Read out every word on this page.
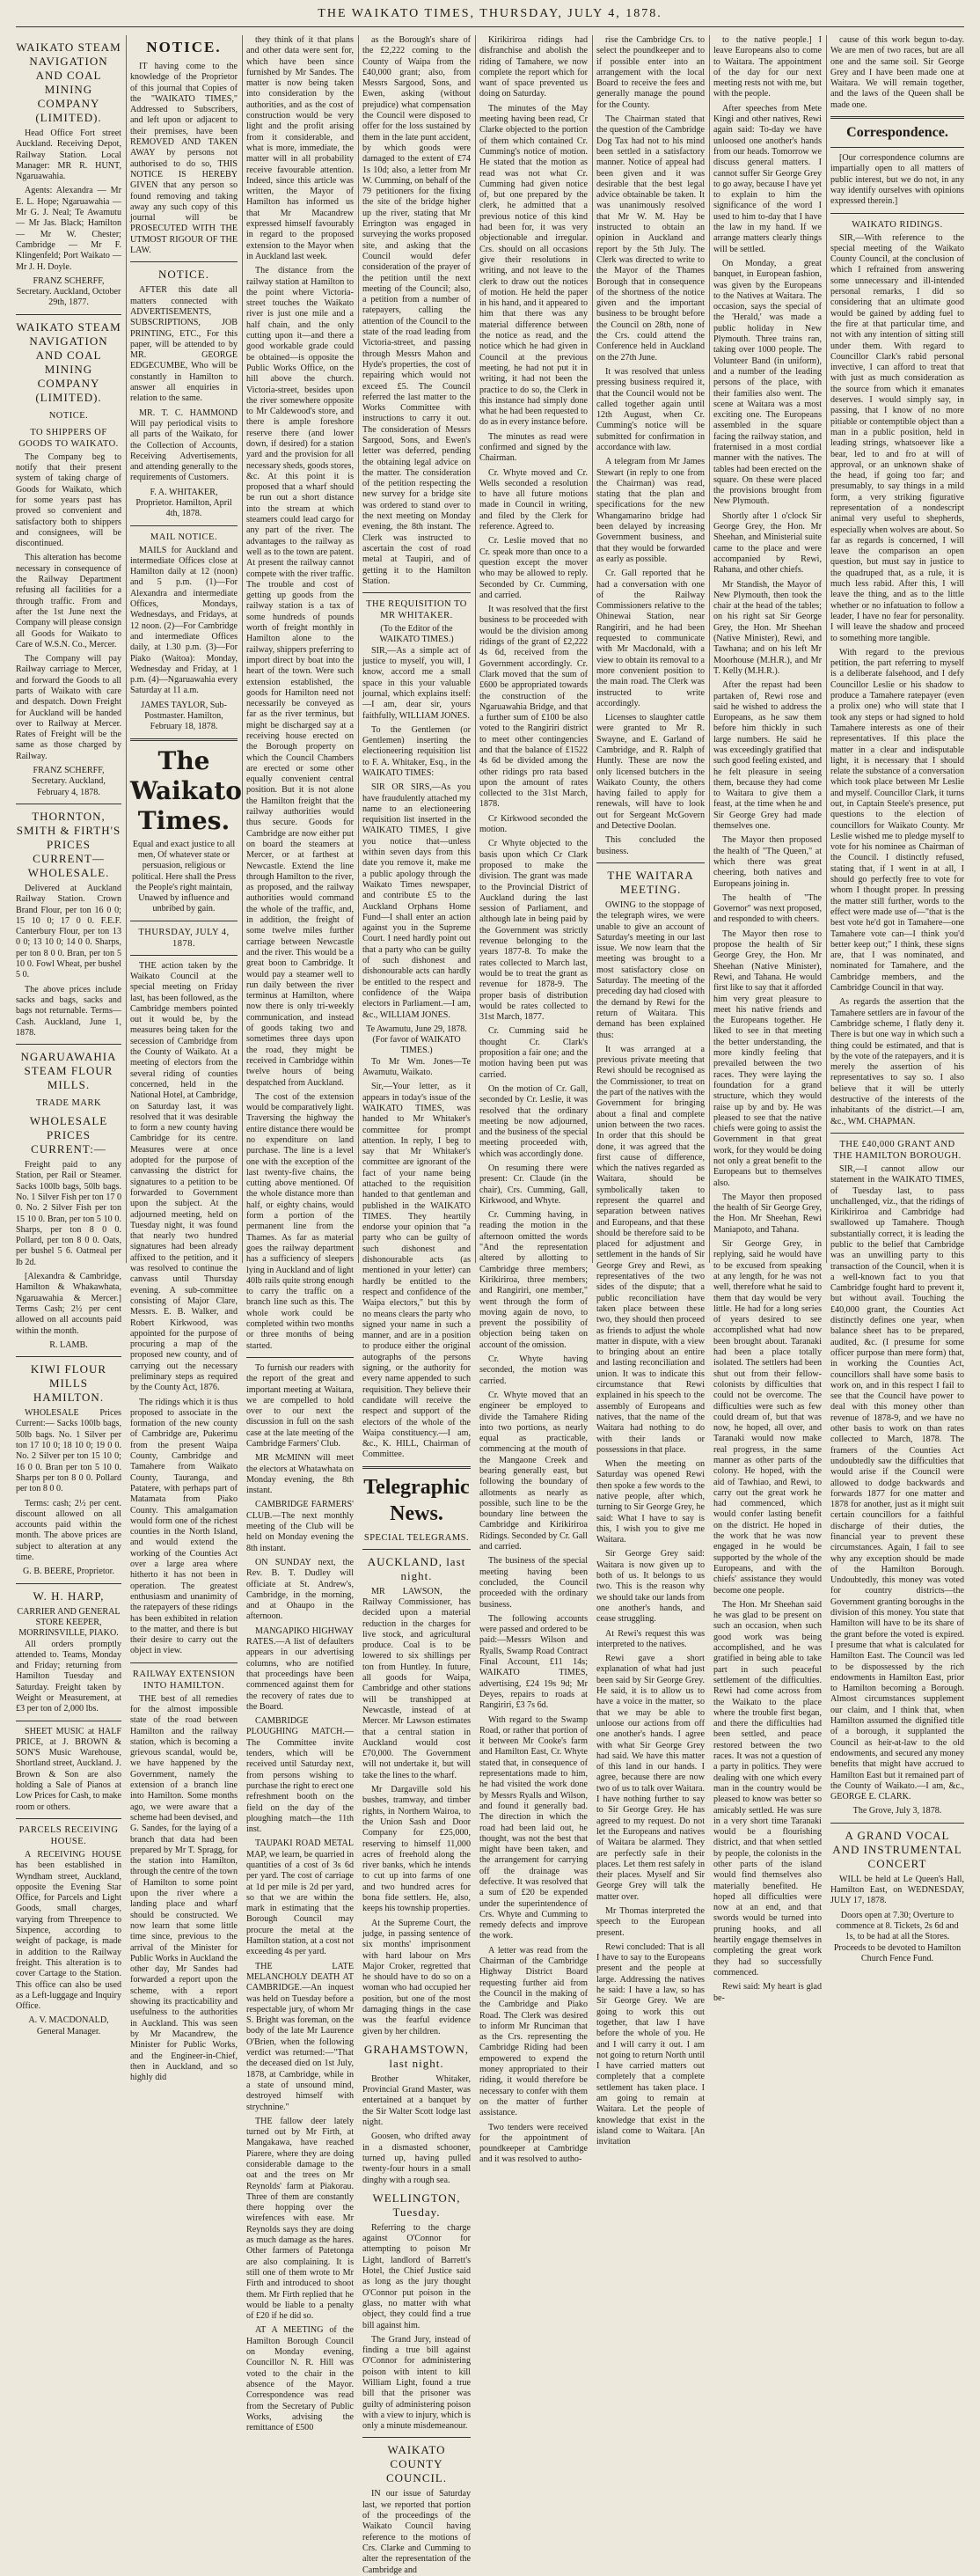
THE WAIKATO TIMES, THURSDAY, JULY 4, 1878.
WAIKATO STEAM NAVIGATION AND COAL MINING COMPANY (LIMITED).

Head Office Fort street Auckland. Receiving Depot, Railway Station. Local Manager: MR R. HUNT, Ngaruawahia.

Agents: Alexandra — Mr E. L. Hope; Ngaruawahia — Mr G. J. Neal; Te Awamutu — Mr Jas. Black; Hamilton — Mr W. Chester; Cambridge — Mr F. Klingenfeld; Port Waikato — Mr J. H. Doyle.

FRANZ SCHERFF, Secretary. Auckland, October 29th, 1877.
WAIKATO STEAM NAVIGATION AND COAL MINING COMPANY (LIMITED).
NOTICE.
TO SHIPPERS OF GOODS TO WAIKATO.

The Company beg to notify that their present system of taking charge of Goods for Waikato, which for some years past has proved so convenient and satisfactory both to shippers and consignees, will be discontinued.

This alteration has become necessary in consequence of the Railway Department refusing all facilities for a through traffic. From and after the 1st June next the Company will please consign all Goods for Waikato to Care of W.S.N. Co., Mercer.

The Company will pay Railway carriage to Mercer, and forward the Goods to all parts of Waikato with care and despatch. Down Freight for Auckland will be handed over to Railway at Mercer. Rates of Freight will be the same as those charged by Railway.

FRANZ SCHERFF, Secretary. Auckland, February 4, 1878.
THORNTON, SMITH & FIRTH'S PRICES CURRENT—WHOLESALE.

Delivered at Auckland Railway Station. Crown Brand Flour, per ton 16 0 0; 15 10 0; 17 0 0. F.E.F. Canterbury Flour, per ton 13 0 0; 13 10 0; 14 0 0. Sharps, per ton 8 0 0. Bran, per ton 5 10 0. Fowl Wheat, per bushel 5 0.

The above prices include sacks and bags, sacks and bags not returnable. Terms—Cash. Auckland, June 1, 1878.

NGARUAWAHIA STEAM FLOUR MILLS.
TRADE MARK
WHOLESALE PRICES CURRENT:—

Freight paid to any Station, per Rail or Steamer. Sacks 100lb bags, 50lb bags. No. 1 Silver Fish per ton 17 0 0. No. 2 Silver Fish per ton 15 10 0. Bran, per ton 5 10 0. Sharps, per ton 8 0 0. Pollard, per ton 8 0 0. Oats, per bushel 5 6. Oatmeal per lb 2d.

[Alexandra & Cambridge, Hamilton & Whakawhata, Ngaruawahia & Mercer.] Terms Cash; 2½ per cent allowed on all accounts paid within the month.

R. LAMB.
KIWI FLOUR MILLS HAMILTON.

WHOLESALE Prices Current:— Sacks 100lb bags, 50lb bags. No. 1 Silver per ton 17 10 0; 18 10 0; 19 0 0. No. 2 Silver per ton 15 10 0; 16 0 0. Bran per ton 5 10 0. Sharps per ton 8 0 0. Pollard per ton 8 0 0.

Terms: cash; 2½ per cent. discount allowed on all accounts paid within the month. The above prices are subject to alteration at any time.

G. B. BEERE, Proprietor.
W. H. HARP,
CARRIER AND GENERAL STORE KEEPER, MORRINSVILLE, PIAKO.

All orders promptly attended to. Teams, Monday and Friday; returning from Hamilton Tuesday and Saturday. Freight taken by Weight or Measurement, at £3 per ton of 2,000 lbs.

SHEET MUSIC at HALF PRICE, at J. BROWN & SON'S Music Warehouse, Shortland street, Auckland. J. Brown & Son are also holding a Sale of Pianos at Low Prices for Cash, to make room or others.

PARCELS RECEIVING HOUSE.

A RECEIVING HOUSE has been established in Wyndham street, Auckland, opposite the Evening Star Office, for Parcels and Light Goods, small charges, varying from Threepence to Sixpence, according to weight of package, is made in addition to the Railway freight. This alteration is to cover Cartage to the Station. This office can also be used as a Left-luggage and Inquiry Office.

A. V. MACDONALD, General Manager.
NOTICE.

IT having come to the knowledge of the Proprietor of this journal that Copies of the "WAIKATO TIMES," Addressed to Subscribers, and left upon or adjacent to their premises, have been REMOVED AND TAKEN AWAY by persons not authorised to do so, THIS NOTICE IS HEREBY GIVEN that any person so found removing and taking away any such copy of this journal will be PROSECUTED WITH THE UTMOST RIGOUR OF THE LAW.

NOTICE.

AFTER this date all matters connected with ADVERTISEMENTS, SUBSCRIPTIONS, JOB PRINTING, ETC., For this paper, will be attended to by MR. GEORGE EDGECUMBE, Who will be constantly in Hamilton to answer all enquiries in relation to the same.

MR. T. C. HAMMOND Will pay periodical visits to all parts of the Waikato, for the Collection of Accounts, Receiving Advertisements, and attending generally to the requirements of Customers.

F. A. WHITAKER, Proprietor. Hamilton, April 4th, 1878.
MAIL NOTICE.

MAILS for Auckland and intermediate Offices close at Hamilton daily at 12 (noon) and 5 p.m. (1)—For Alexandra and intermediate Offices, Mondays, Wednesdays, and Fridays, at 12 noon. (2)—For Cambridge and intermediate Offices daily, at 1.30 p.m. (3)—For Piako (Waitoa): Monday, Wednesday and Friday, at 1 p.m. (4)—Ngaruawahia every Saturday at 11 a.m.

JAMES TAYLOR, Sub-Postmaster. Hamilton, February 18, 1878.
The Waikato Times.
Equal and exact justice to all men, Of whatever state or persuasion, religious or political. Here shall the Press the People's right maintain, Unawed by influence and unbribed by gain.
THURSDAY, JULY 4, 1878.

THE action taken by the Waikato Council at the special meeting on Friday last, has been followed, as the Cambridge members pointed out it would be, by the measures being taken for the secession of Cambridge from the County of Waikato. At a meeting of electors from the several riding of counties concerned, held in the National Hotel, at Cambridge, on Saturday last, it was resolved that it was desirable to form a new county having Cambridge for its centre. Measures were at once adopted for the purpose of canvassing the district for signatures to a petition to be forwarded to Government upon the subject. At the adjourned meeting, held on Tuesday night, it was found that nearly two hundred signatures had been already affixed to the petition, and it was resolved to continue the canvass until Thursday evening. A sub-committee consisting of Major Clare, Messrs. E. B. Walker, and Robert Kirkwood, was appointed for the purpose of procuring a map of the proposed new county, and of carrying out the necessary preliminary steps as required by the County Act, 1876.

The ridings which it is thus proposed to associate in the formation of the new county of Cambridge are, Pukerimu from the present Waipa County, Cambridge and Tamahere from Waikato County, Tauranga, and Patatere, with perhaps part of Matamata from Piako County. This amalgamation would form one of the richest counties in the North Island, and would extend the working of the Counties Act over a large area where hitherto it has not been in operation. The greatest enthusiasm and unanimity of the ratepayers of these ridings has been exhibited in relation to the matter, and there is but their desire to carry out the object in view.

RAILWAY EXTENSION INTO HAMILTON.

THE best of all remedies for the almost impossible state of the road between Hamilton and the railway station, which is becoming a grievous scandal, would be, we have happened by the Government, namely the extension of a branch line into Hamilton. Some months ago, we were aware that a scheme had been devised, and G. Sandes, for the laying of a branch that data had been prepared by Mr T. Spragg, for the station into Hamilton, through the centre of the town of Hamilton to some point upon the river where a landing place and wharf should be constructed. We now learn that some little time since, previous to the arrival of the Minister for Public Works in Auckland the other day, Mr Sandes had forwarded a report upon the scheme, with a report showing its practicability and usefulness to the authorities in Auckland. This was seen by Mr Macandrew, the Minister for Public Works, and the Engineer-in-Chief, then in Auckland, and so highly did

they think of it that plans and other data were sent for, which have been since furnished by Mr Sandes. The matter is now being taken into consideration by the authorities, and as the cost of construction would be very light and the profit arising from it considerable, and what is more, immediate, the matter will in all probability receive favourable attention. Indeed, since this article was written, the Mayor of Hamilton has informed us that Mr Macandrew expressed himself favourably in regard to the proposed extension to the Mayor when in Auckland last week.

The distance from the railway station at Hamilton to the point where Victoria-street touches the Waikato river is just one mile and a half chain, and the only cutting upon it—and there a good workable grade could be obtained—is opposite the Public Works Office, on the hill above the church. Victoria-street, besides upon the river somewhere opposite to Mr Caldewood's store, and there is ample foreshore reserve there (and lower down, if desired) for a station yard and the provision for all necessary sheds, goods stores, &c. At this point it is proposed that a wharf should be run out a short distance into the stream at which steamers could lead cargo for any part of the river. The advantages to the railway as well as to the town are patent. At present the railway cannot compete with the river traffic. The trouble and cost of getting up goods from the railway station is a tax of some hundreds of pounds worth of freight monthly in Hamilton alone to the railway, shippers preferring to import direct by boat into the heart of the town. Were such extension established, the goods for Hamilton need not necessarily be conveyed as far as the river terminus, but might be discharged say at a receiving house erected on the Borough property on which the Council Chambers are erected or some other equally convenient central position. But it is not alone the Hamilton freight that the railway authorities would thus secure. Goods for Cambridge are now either put on board the steamers at Mercer, or at farthest at Newcastle. Extend the line through Hamilton to the river, as proposed, and the railway authorities would command the whole of the traffic, and, in addition, the freight of some twelve miles further carriage between Newcastle and the river. This would be a great boon to Cambridge. It would pay a steamer well to run daily between the river terminus at Hamilton, where now there is only tri-weekly communication, and instead of goods taking two and sometimes three days upon the road, they might be received in Cambridge within twelve hours of being despatched from Auckland.

The cost of the extension would be comparatively light. Traversing the highway the entire distance there would be no expenditure on land purchase. The line is a level one with the exception of the last twenty-five chains, the cutting above mentioned. Of the whole distance more than half, or eighty chains, would form a portion of the permanent line from the Thames. As far as material goes the railway department has a sufficiency of sleepers lying in Auckland and of light 40lb rails quite strong enough to carry the traffic on a branch line such as this. The whole work could be completed within two months or three months of being started.

To furnish our readers with the report of the great and important meeting at Waitara, we are compelled to hold over to our next the discussion in full on the sash case at the late meeting of the Cambridge Farmers' Club.

MR McMINN will meet the electors at Whatawhata on Monday evening, the 8th instant.

CAMBRIDGE FARMERS' CLUB.—The next monthly meeting of the Club will be held on Monday evening the 8th instant.

ON SUNDAY next, the Rev. B. T. Dudley will officiate at St. Andrew's, Cambridge, in the morning, and at Ohaupo in the afternoon.

MANGAPIKO HIGHWAY RATES.—A list of defaulters appears in our advertising columns, who are notified that proceedings have been commenced against them for the recovery of rates due to the Board.

CAMBRIDGE PLOUGHING MATCH.—The Committee invite tenders, which will be received until Saturday next, from persons wishing to purchase the right to erect one refreshment booth on the field on the day of the ploughing match—the 11th inst.

TAUPAKI ROAD METAL MAP, we learn, be quarried in quantities of a cost of 3s 6d per yard. The cost of carriage at 1d per mile is 2d per yard, so that we are within the mark in estimating that the Borough Council may procure the metal at the Hamilton station, at a cost not exceeding 4s per yard.

THE LATE MELANCHOLY DEATH AT CAMBRIDGE.—An inquest was held on Tuesday before a respectable jury, of whom Mr S. Bright was foreman, on the body of the late Mr Laurence O'Brien, when the following verdict was returned:—"That the deceased died on 1st July, 1878, at Cambridge, while in a state of unsound mind, destroyed himself with strychnine."

THE fallow deer lately turned out by Mr Firth, at Mangakawa, have reached Piarere, where they are doing considerable damage to the oat and the trees on Mr Reynolds' farm at Piakorau. Three of them are constantly there hopping over the wirefences with ease. Mr Reynolds says they are doing as much damage as the hares. Other farmers of Patetonga are also complaining. It is still one of them wrote to Mr Firth and introduced to shoot them. Mr Firth replied that he would be liable to a penalty of £20 if he did so.

AT A MEETING of the Hamilton Borough Council on Monday evening, Councillor N. R. Hill was voted to the chair in the absence of the Mayor. Correspondence was read from the Secretary of Public Works, advising the remittance of £500

as the Borough's share of the £2,222 coming to the County of Waipa from the £40,000 grant; also, from Messrs Sargood, Sons, and Ewen, asking (without prejudice) what compensation the Council were disposed to offer for the loss sustained by them in the late punt accident, by which goods were damaged to the extent of £74 1s 10d; also, a letter from Mr W. Cumming, on behalf of the 79 petitioners for the fixing the site of the bridge higher up the river, stating that Mr Errington was engaged in surveying the works proposed site, and asking that the Council would defer consideration of the prayer of the petition until the next meeting of the Council; also, a petition from a number of ratepayers, calling the attention of the Council to the state of the road leading from Victoria-street, and passing through Messrs Mahon and Hyde's properties, the cost of repairing which would not exceed £5. The Council referred the last matter to the Works Committee with instructions to carry it out. The consideration of Messrs Sargood, Sons, and Ewen's letter was deferred, pending the obtaining legal advice on the matter. The consideration of the petition respecting the new survey for a bridge site was ordered to stand over to the next meeting on Monday evening, the 8th instant. The Clerk was instructed to ascertain the cost of road metal at Taupiri, and of getting it to the Hamilton Station.

THE REQUISITION TO MR WHITAKER.
(To the Editor of the WAIKATO TIMES.)

SIR,—As a simple act of justice to myself, you will, I know, accord me a small space in this your valuable journal, which explains itself:—I am, dear sir, yours faithfully, WILLIAM JONES.

To the Gentlemen (or Gentlemen) inserting the electioneering requisition list to F. A. Whitaker, Esq., in the WAIKATO TIMES:

SIR OR SIRS,—As you have fraudulently attached my name to an electioneering requisition list inserted in the WAIKATO TIMES, I give you notice that—unless within seven days from this date you remove it, make me a public apology through the Waikato Times newspaper, and contribute £5 to the Auckland Orphans Home Fund—I shall enter an action against you in the Supreme Court. I need hardly point out that a party who can be guilty of such dishonest and dishonourable acts can hardly be entitled to the respect and confidence of the Waipa electors in Parliament.—I am, &c., WILLIAM JONES.

Te Awamutu, June 29, 1878.
(For favor of WAIKATO TIMES.)

To Mr Wm. Jones—Te Awamutu, Waikato.

Sir,—Your letter, as it appears in today's issue of the WAIKATO TIMES, was handed to Mr Whitaker's committee for prompt attention. In reply, I beg to say that Mr Whitaker's committee are ignorant of the fact of your name being attached to the requisition handed to that gentleman and published in the WAIKATO TIMES. They heartily endorse your opinion that "a party who can be guilty of such dishonest and dishonourable acts (as mentioned in your letter) can hardly be entitled to the respect and confidence of the Waipa electors," but this by no means clears the party who signed your name in such a manner, and are in a position to produce either the original autographs of the persons signing, or the authority for every name appended to such requisition. They believe their candidate will receive the respect and support of the electors of the whole of the Waipa constituency.—I am, &c., K. HILL, Chairman of Committee.

Telegraphic News.
SPECIAL TELEGRAMS.
AUCKLAND, last night.

MR LAWSON, the Railway Commissioner, has decided upon a material reduction in the charges for live stock, and agricultural produce. Coal is to be lowered to six shillings per ton from Huntley. In future, all goods for Waipa, Cambridge and other stations will be transhipped at Newcastle, instead of at Mercer. Mr Lawson estimates that a central station in Auckland would cost £70,000. The Government will not undertake it, but will take the lines to the wharf.

Mr Dargaville sold his bushes, tramway, and timber rights, in Northern Wairoa, to the Union Sash and Door Company for £25,000, reserving to himself 11,000 acres of freehold along the river banks, which he intends to cut up into farms of one and two hundred acres for bona fide settlers. He, also, keeps his township properties.

At the Supreme Court, the judge, in passing sentence of six months' imprisonment with hard labour on Mrs Major Croker, regretted that he should have to do so on a woman who had occupied her position, but one of the most damaging things in the case was the fearful evidence given by her children.

GRAHAMSTOWN, last night.

Brother Whitaker, Provincial Grand Master, was entertained at a banquet by the Sir Walter Scott lodge last night.

Goosen, who drifted away in a dismasted schooner, turned up, having pulled twenty-four hours in a small dinghy with a rough sea.

WELLINGTON, Tuesday.

Referring to the charge against O'Connor for attempting to poison Mr Light, landlord of Barrett's Hotel, the Chief Justice said as long as the jury thought O'Connor put poison in the glass, no matter with what object, they could find a true bill against him.

The Grand Jury, instead of finding a true bill against O'Connor for administering poison with intent to kill William Light, found a true bill that the prisoner was guilty of administering poison with a view to injury, which is only a minute misdemeanour.

WAIKATO COUNTY COUNCIL.

IN our issue of Saturday last, we reported that portion of the proceedings of the Waikato Council having reference to the motions of Crs. Clarke and Cumming to alter the representation of the Cambridge and

Kirikiriroa ridings had disfranchise and abolish the riding of Tamahere, we now complete the report which for want of space prevented us doing on Saturday.

The minutes of the May meeting having been read, Cr Clarke objected to the portion of them which contained Cr. Cumming's notice of motion. He stated that the motion as read was not what Cr. Cumming had given notice of, but one prepared by the clerk, he admitted that a previous notice of this kind had been for, it was very objectionable and irregular. Crs. should on all occasions give their resolutions in writing, and not leave to the clerk to draw out the notices of motion. He held the paper in his hand, and it appeared to him that there was any material difference between the notice as read, and the notice which he had given in Council at the previous meeting, he had not put it in writing, it had not been the practice to do so, the Clerk in this instance had simply done what he had been requested to do as in every instance before.

The minutes as read were confirmed and signed by the Chairman.

Cr. Whyte moved and Cr. Wells seconded a resolution to have all future motions made in Council in writing, and filed by the Clerk for reference. Agreed to.

Cr. Leslie moved that no Cr. speak more than once to a question except the mover who may be allowed to reply. Seconded by Cr. Cumming, and carried.

It was resolved that the first business to be proceeded with would be the division among ridings of the grant of £2,222 4s 6d, received from the Government accordingly. Cr. Clark moved that the sum of £600 be appropriated towards the construction of the Ngaruawahia Bridge, and that a further sum of £100 be also voted to the Rangiriri district to meet other contingencies and that the balance of £1522 4s 6d be divided among the other ridings pro rata based upon the amount of rates collected to the 31st March, 1878.

Cr Kirkwood seconded the motion.

Cr Whyte objected to the basis upon which Cr Clark proposed to make the division. The grant was made to the Provincial District of Auckland during the last session of Parliament, and although late in being paid by the Government was strictly revenue belonging to the years 1877-8. To make the rates collected to March last, would be to treat the grant as revenue for 1878-9. The proper basis of distribution would be rates collected to 31st March, 1877.

Cr. Cumming said he thought Cr. Clark's proposition a fair one; and the motion having been put was carried.

On the motion of Cr. Gall, seconded by Cr. Leslie, it was resolved that the ordinary meeting be now adjourned, and the business of the special meeting proceeded with, which was accordingly done.

On resuming there were present: Cr. Claude (in the chair), Crs. Cumming, Gall, Kirkwood, and Whyte.

Cr. Cumming having, in reading the motion in the afternoon omitted the words "And the representation altered by allotting to Cambridge three members; Kirikiriroa, three members; and Rangiriri, one member," went through the form of moving again de novo, to prevent the possibility of objection being taken on account of the omission.

Cr. Whyte having seconded, the motion was carried.

Cr. Whyte moved that an engineer be employed to divide the Tamahere Riding into two portions, as nearly equal as practicable, commencing at the mouth of the Mangaone Creek and bearing generally east, but following the boundary of allotments as nearly as possible, such line to be the boundary line between the Cambridge and Kirikiriroa Ridings. Seconded by Cr. Gall and carried.

The business of the special meeting having been concluded, the Council proceeded with the ordinary business.

The following accounts were passed and ordered to be paid:—Messrs Wilson and Ryalls, Swamp Road Contract Final Account, £11 14s; WAIKATO TIMES, advertising, £24 19s 9d; Mr Deyes, repairs to roads at Rangiriri, £3 7s 6d.

With regard to the Swamp Road, or rather that portion of it between Mr Cooke's farm and Hamilton East, Cr. Whyte stated that, in consequence of representations made to him, he had visited the work done by Messrs Ryalls and Wilson, and found it generally bad. The direction in which the road had been laid out, he thought, was not the best that might have been taken, and the arrangement for carrying off the drainage was defective. It was resolved that a sum of £20 be expended under the superintendence of Crs. Whyte and Cumming to remedy defects and improve the work.

A letter was read from the Chairman of the Cambridge Highway District Board requesting further aid from the Council in the making of the Cambridge and Piako Road. The Clerk was desired to inform Mr Runciman that as the Crs. representing the Cambridge Riding had been empowered to expend the money appropriated to their riding, it would therefore be necessary to confer with them on the matter of further assistance.

Two tenders were received for the appointment of poundkeeper at Cambridge and it was resolved to autho-

rise the Cambridge Crs. to select the poundkeeper and to if possible enter into an arrangement with the local Board to receive the fees and generally manage the pound for the County.

The Chairman stated that the question of the Cambridge Dog Tax had not to his mind been settled in a satisfactory manner. Notice of appeal had been given and it was desirable that the best legal advice obtainable be taken. It was unanimously resolved that Mr W. M. Hay be instructed to obtain an opinion in Auckland and report by the 5th July. The Clerk was directed to write to the Mayor of the Thames Borough that in consequence of the shortness of the notice given and the important business to be brought before the Council on 28th, none of the Crs. could attend the Conference held in Auckland on the 27th June.

It was resolved that unless pressing business required it, that the Council would not be called together again until 12th August, when Cr. Cumming's notice will be submitted for confirmation in accordance with law.

A telegram from Mr James Stewart (in reply to one from the Chairman) was read, stating that the plan and specifications for the new Whangamarino bridge had been delayed by increasing Government business, and that they would be forwarded as early as possible.

Cr. Gall reported that he had a conversation with one of the Railway Commissioners relative to the Ohinewai Station, near Rangiriri, and he had been requested to communicate with Mr Macdonald, with a view to obtain its removal to a more convenient position to the main road. The Clerk was instructed to write accordingly.

Licenses to slaughter cattle were granted to Mr R. Swayne, and E. Garland of Cambridge, and R. Ralph of Huntly. These are now the only licensed butchers in the Waikato County, the others having failed to apply for renewals, will have to look out for Sergeant McGovern and Detective Doolan.

This concluded the business.

THE WAITARA MEETING.

OWING to the stoppage of the telegraph wires, we were unable to give an account of Saturday's meeting in our last issue. We now learn that the meeting was brought to a most satisfactory close on Saturday. The meeting of the preceding day had closed with the demand by Rewi for the return of Waitara. This demand has been explained thus:

It was arranged at a previous private meeting that Rewi should be recognised as the Commissioner, to treat on the part of the natives with the Government for bringing about a final and complete union between the two races. In order that this should be done, it was agreed that the first cause of difference, which the natives regarded as Waitara, should be symbolically taken to represent the quarrel and separation between natives and Europeans, and that these should be therefore said to be placed for adjustment and settlement in the hands of Sir George Grey and Rewi, as representatives of the two sides of the dispute; that a public reconciliation have taken place between these two, they should then proceed as friends to adjust the whole matter in dispute, with a view to bringing about an entire and lasting reconciliation and union. It was to indicate this circumstance that Rewi explained in his speech to the assembly of Europeans and natives, that the name of the Waitara had nothing to do with their lands or possessions in that place.

When the meeting on Saturday was opened Rewi then spoke a few words to the native people, after which, turning to Sir George Grey, he said: What I have to say is this, I wish you to give me Waitara.

Sir George Grey said: Waitara is now given up to both of us. It belongs to us two. This is the reason why we should take our lands from one another's hands, and cease struggling.

At Rewi's request this was interpreted to the natives.

Rewi gave a short explanation of what had just been said by Sir George Grey. He said, it is to allow us to have a voice in the matter, so that we may be able to unloose our actions from off one another's hands. I agree with what Sir George Grey had said. We have this matter of this land in our hands. I agree, because there are now two of us to talk over Waitara. I have nothing further to say to Sir George Grey. He has agreed to my request. Do not let the Europeans and natives of Waitara be alarmed. They are perfectly safe in their places. Let them rest safely in their places. Myself and Sir George Grey will talk the matter over.

Mr Thomas interpreted the speech to the European present.

Rewi concluded: That is all I have to say to the Europeans present and the people at large. Addressing the natives he said: I have a law, so has Sir George Grey. We are going to work this out together, that law I have before the whole of you. He and I will carry it out. I am not going to return North until I have carried matters out completely that a complete settlement has taken place. I am going to remain at Waitara. Let the people of knowledge that exist in the island come to Waitara. [An invitation

to the native people.] I leave Europeans also to come to Waitara. The appointment of the day for our next meeting rests not with me, but with the people.

After speeches from Mete Kingi and other natives, Rewi again said: To-day we have unloosed one another's hands from our heads. Tomorrow we discuss general matters. I cannot suffer Sir George Grey to go away, because I have yet to explain to him the significance of the word I used to him to-day that I have the law in my hand. If we arrange matters clearly things will be settled.

On Monday, a great banquet, in European fashion, was given by the Europeans to the Natives at Waitara. The occasion, says the special of the 'Herald,' was made a public holiday in New Plymouth. Three trains ran, taking over 1000 people. The Volunteer Band (in uniform), and a number of the leading persons of the place, with their families also went. The scene at Waitara was a most exciting one. The Europeans assembled in the square facing the railway station, and fraternised in a most cordial manner with the natives. The tables had been erected on the square. On these were placed the provisions brought from New Plymouth.

Shortly after 1 o'clock Sir George Grey, the Hon. Mr Sheehan, and Ministerial suite came to the place and were accompanied by Rewi, Rahana, and other chiefs.

Mr Standish, the Mayor of New Plymouth, then took the chair at the head of the tables; on his right sat Sir George Grey, the Hon. Mr Sheehan (Native Minister), Rewi, and Tawhana; and on his left Mr Moorhouse (M.H.R.), and Mr T. Kelly (M.H.R.).

After the repast had been partaken of, Rewi rose and said he wished to address the Europeans, as he saw them before him thickly in such large numbers. He said he was exceedingly gratified that such good feeling existed, and he felt pleasure in seeing them, because they had come to Waitara to give them a feast, at the time when he and Sir George Grey had made themselves one.

The Mayor then proposed the health of "The Queen," at which there was great cheering, both natives and Europeans joining in.

The health of "The Governor" was next proposed, and responded to with cheers.

The Mayor then rose to propose the health of Sir George Grey, the Hon. Mr Sheehan (Native Minister), Rewi, and Tahana. He would first like to say that it afforded him very great pleasure to meet his native friends and the Europeans together. He liked to see in that meeting the better understanding, the more kindly feeling that prevailed between the two races. They were laying the foundation for a grand structure, which they would raise up by and by. He was pleased to see that the native chiefs were going to assist the Government in that great work, for they would be doing not only a great benefit to the Europeans but to themselves also.

The Mayor then proposed the health of Sir George Grey, the Hon. Mr Sheehan, Rewi Maniapoto, and Tahana.

Sir George Grey, in replying, said he would have to be excused from speaking at any length, for he was not well, therefore what he said to them that day would be very little. He had for a long series of years desired to see accomplished what had now been brought about. Taranaki had been a place totally isolated. The settlers had been shut out from their fellow-colonists by difficulties that could not be overcome. The difficulties were such as few could dream of, but that was now, he hoped, all over, and Taranaki would now make real progress, in the same manner as other parts of the colony. He hoped, with the aid of Tawhiao, and Rewi, to carry out the great work he had commenced, which would confer lasting benefit on the district. He hoped in the work that he was now engaged in he would be supported by the whole of the Europeans, and with the chiefs' assistance they would become one people.

The Hon. Mr Sheehan said he was glad to be present on such an occasion, when such good work was being accomplished, and he was gratified in being able to take part in such peaceful settlement of the difficulties. Rewi had come across from the Waikato to the place where the trouble first began, and there the difficulties had been settled, and peace restored between the two races. It was not a question of a party in politics. They were dealing with one which every man in the country would be pleased to know was better so amicably settled. He was sure in a very short time Taranaki would be a flourishing district, and that when settled by people, the colonists in the other parts of the island would find themselves also materially benefited. He hoped all difficulties were now at an end, and that swords would be turned into pruning hooks, and all heartily engage themselves in completing the great work they had so successfully commenced.

Rewi said: My heart is glad be-

cause of this work begun to-day. We are men of two races, but are all one and the same soil. Sir George Grey and I have been made one at Waitara. We will remain together, and the laws of the Queen shall be made one.

Correspondence.

[Our correspondence columns are impartially open to all matters of public interest, but we do not, in any way identify ourselves with opinions expressed therein.]

WAIKATO RIDINGS.

SIR,—With reference to the special meeting of the Waikato County Council, at the conclusion of which I refrained from answering some unnecessary and ill-intended personal remarks, I did so considering that an ultimate good would be gained by adding fuel to the fire at that particular time, and not with any intention of sitting still under them. With regard to Councillor Clark's rabid personal invective, I can afford to treat that with just as much consideration as the source from which it emanates deserves. I would simply say, in passing, that I know of no more pitiable or contemptible object than a man in a public position, held in leading strings, whatsoever like a bear, led to and fro at will of approval, or an unknown shake of the head, if going too far; and presumably, to say things in a mild form, a very striking figurative representation of a nondescript animal very useful to shepherds, especially when wolves are about. So far as regards is concerned, I will leave the comparison an open question, but must say in justice to the quadruped that, as a rule, it is much less rabid. After this, I will leave the thing, and as to the little whether or no infatuation to follow a leader, I have no fear for personality. I will leave the shadow and proceed to something more tangible.

With regard to the previous petition, the part referring to myself is a deliberate falsehood, and I defy Councillor Leslie or his shadow to produce a Tamahere ratepayer (even a prolix one) who will state that I took any steps or had signed to hold Tamahere interests as one of their representatives. If this place the matter in a clear and indisputable light, it is necessary that I should relate the substance of a conversation which took place between Mr Leslie and myself. Councillor Clark, it turns out, in Captain Steele's presence, put questions to the election of councillors for Waikato County. Mr Leslie wished me to pledge myself to vote for his nominee as Chairman of the Council. I distinctly refused, stating that, if I went in at all, I should go perfectly free to vote for whom I thought proper. In pressing the matter still further, words to the effect were made use of—"that is the best vote he'd got in Tamahere—one Tamahere vote can—I think you'd better keep out;" I think, these signs are, that I was nominated, and nominated for Tamahere, and the Cambridge members, and the Cambridge Council in that way.

As regards the assertion that the Tamahere settlers are in favour of the Cambridge scheme, I flatly deny it. There is but one way in which such a thing could be estimated, and that is by the vote of the ratepayers, and it is merely the assertion of his representatives to say so. I also believe that it will be utterly destructive of the interests of the inhabitants of the district.—I am, &c., WM. CHAPMAN.

THE £40,000 GRANT AND THE HAMILTON BOROUGH.

SIR,—I cannot allow our statement in the WAIKATO TIMES, of Tuesday last, to pass unchallenged, viz., that the ridings of Kirikiriroa and Cambridge had swallowed up Tamahere. Though substantially correct, it is leading the public to the belief that Cambridge was an unwilling party to this transaction of the Council, when it is a well-known fact to you that Cambridge fought hard to prevent it, but without avail. Touching the £40,000 grant, the Counties Act distinctly defines one year, when balance sheet has to be prepared, audited, &c. (I presume for some officer purpose than mere form) that, in working the Counties Act, councillors shall have some basis to work on, and in this respect I fail to see that the Council have power to deal with this money other than revenue of 1878-9, and we have no other basis to work on than rates collected to March, 1878. The framers of the Counties Act undoubtedly saw the difficulties that would arise if the Council were allowed to dodge backwards and forwards 1877 for one matter and 1878 for another, just as it might suit certain councillors for a faithful discharge of their duties, the financial year to prevent these circumstances. Again, I fail to see why any exception should be made of the Hamilton Borough. Undoubtedly, this money was voted for country districts—the Government granting boroughs in the division of this money. You state that Hamilton will have to be its share of the grant before the voted is expired. I presume that what is calculated for Hamilton East. The Council was led to be dispossessed by the rich endowments in Hamilton East, prior to Hamilton becoming a Borough. Almost circumstances supplement our claim, and I think that, when Hamilton assumed the dignified title of a borough, it supplanted the Council as heir-at-law to the old endowments, and secured any money benefits that might have accrued to Hamilton East but it remained part of the County of Waikato.—I am, &c., GEORGE E. CLARK.

The Grove, July 3, 1878.
A GRAND VOCAL AND INSTRUMENTAL CONCERT

WILL be held at Le Queen's Hall, Hamilton East, on WEDNESDAY, JULY 17, 1878.

Doors open at 7.30; Overture to commence at 8. Tickets, 2s 6d and 1s, to be had at all the Stores. Proceeds to be devoted to Hamilton Church Fence Fund.
